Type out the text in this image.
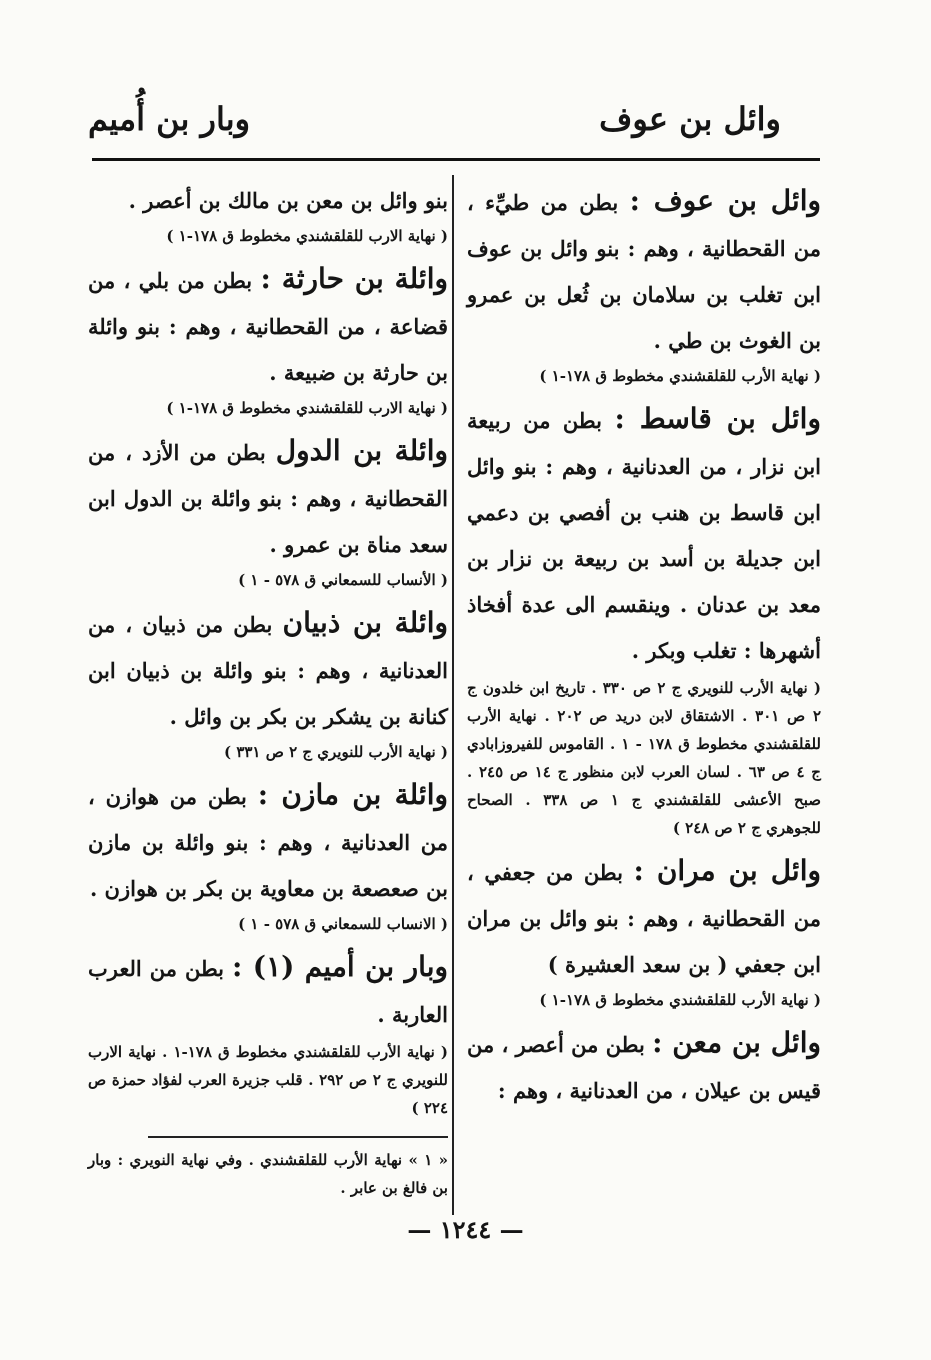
وائل بن عوف
وبار بن أُميم
وائل بن عوف : بطن من طيِّء ، من القحطانية ، وهم : بنو وائل بن عوف ابن تغلب بن سلامان بن ثُعل بن عمرو بن الغوث بن طي .
( نهاية الأرب للقلقشندي مخطوط ق ١٧٨-١ )
وائل بن قاسط : بطن من ربيعة ابن نزار ، من العدنانية ، وهم : بنو وائل ابن قاسط بن هنب بن أفصي بن دعمي ابن جديلة بن أسد بن ربيعة بن نزار بن معد بن عدنان . وينقسم الى عدة أفخاذ أشهرها : تغلب وبكر .
( نهاية الأرب للنويري ج ٢ ص ٣٣٠ . تاريخ ابن خلدون ج ٢ ص ٣٠١ . الاشتقاق لابن دريد ص ٢٠٢ . نهاية الأرب للقلقشندي مخطوط ق ١٧٨ - ١ . القاموس للفيروزابادي ج ٤ ص ٦٣ . لسان العرب لابن منظور ج ١٤ ص ٢٤٥ . صبح الأعشى للقلقشندي ج ١ ص ٣٣٨ . الصحاح للجوهري ج ٢ ص ٢٤٨ )
وائل بن مران : بطن من جعفي ، من القحطانية ، وهم : بنو وائل بن مران ابن جعفي ( بن سعد العشيرة )
( نهاية الأرب للقلقشندي مخطوط ق ١٧٨-١ )
وائل بن معن : بطن من أعصر ، من قيس بن عيلان ، من العدنانية ، وهم :
بنو وائل بن معن بن مالك بن أعصر .
( نهاية الارب للقلقشندي مخطوط ق ١٧٨-١ )
وائلة بن حارثة : بطن من بلي ، من قضاعة ، من القحطانية ، وهم : بنو وائلة بن حارثة بن ضبيعة .
( نهاية الارب للقلقشندي مخطوط ق ١٧٨-١ )
وائلة بن الدول بطن من الأزد ، من القحطانية ، وهم : بنو وائلة بن الدول ابن سعد مناة بن عمرو .
( الأنساب للسمعاني ق ٥٧٨ - ١ )
وائلة بن ذبيان بطن من ذبيان ، من العدنانية ، وهم : بنو وائلة بن ذبيان ابن كنانة بن يشكر بن بكر بن وائل .
( نهاية الأرب للنويري ج ٢ ص ٣٣١ )
وائلة بن مازن : بطن من هوازن ، من العدنانية ، وهم : بنو وائلة بن مازن بن صعصعة بن معاوية بن بكر بن هوازن .
( الانساب للسمعاني ق ٥٧٨ - ١ )
وبار بن أميم (١) : بطن من العرب العاربة .
( نهاية الأرب للقلقشندي مخطوط ق ١٧٨-١ . نهاية الارب للنويري ج ٢ ص ٢٩٢ . قلب جزيرة العرب لفؤاد حمزة ص ٢٢٤ )
« ١ » نهاية الأرب للقلقشندي . وفي نهاية النويري : وبار بن فالغ بن عابر .
— ١٢٤٤ —
